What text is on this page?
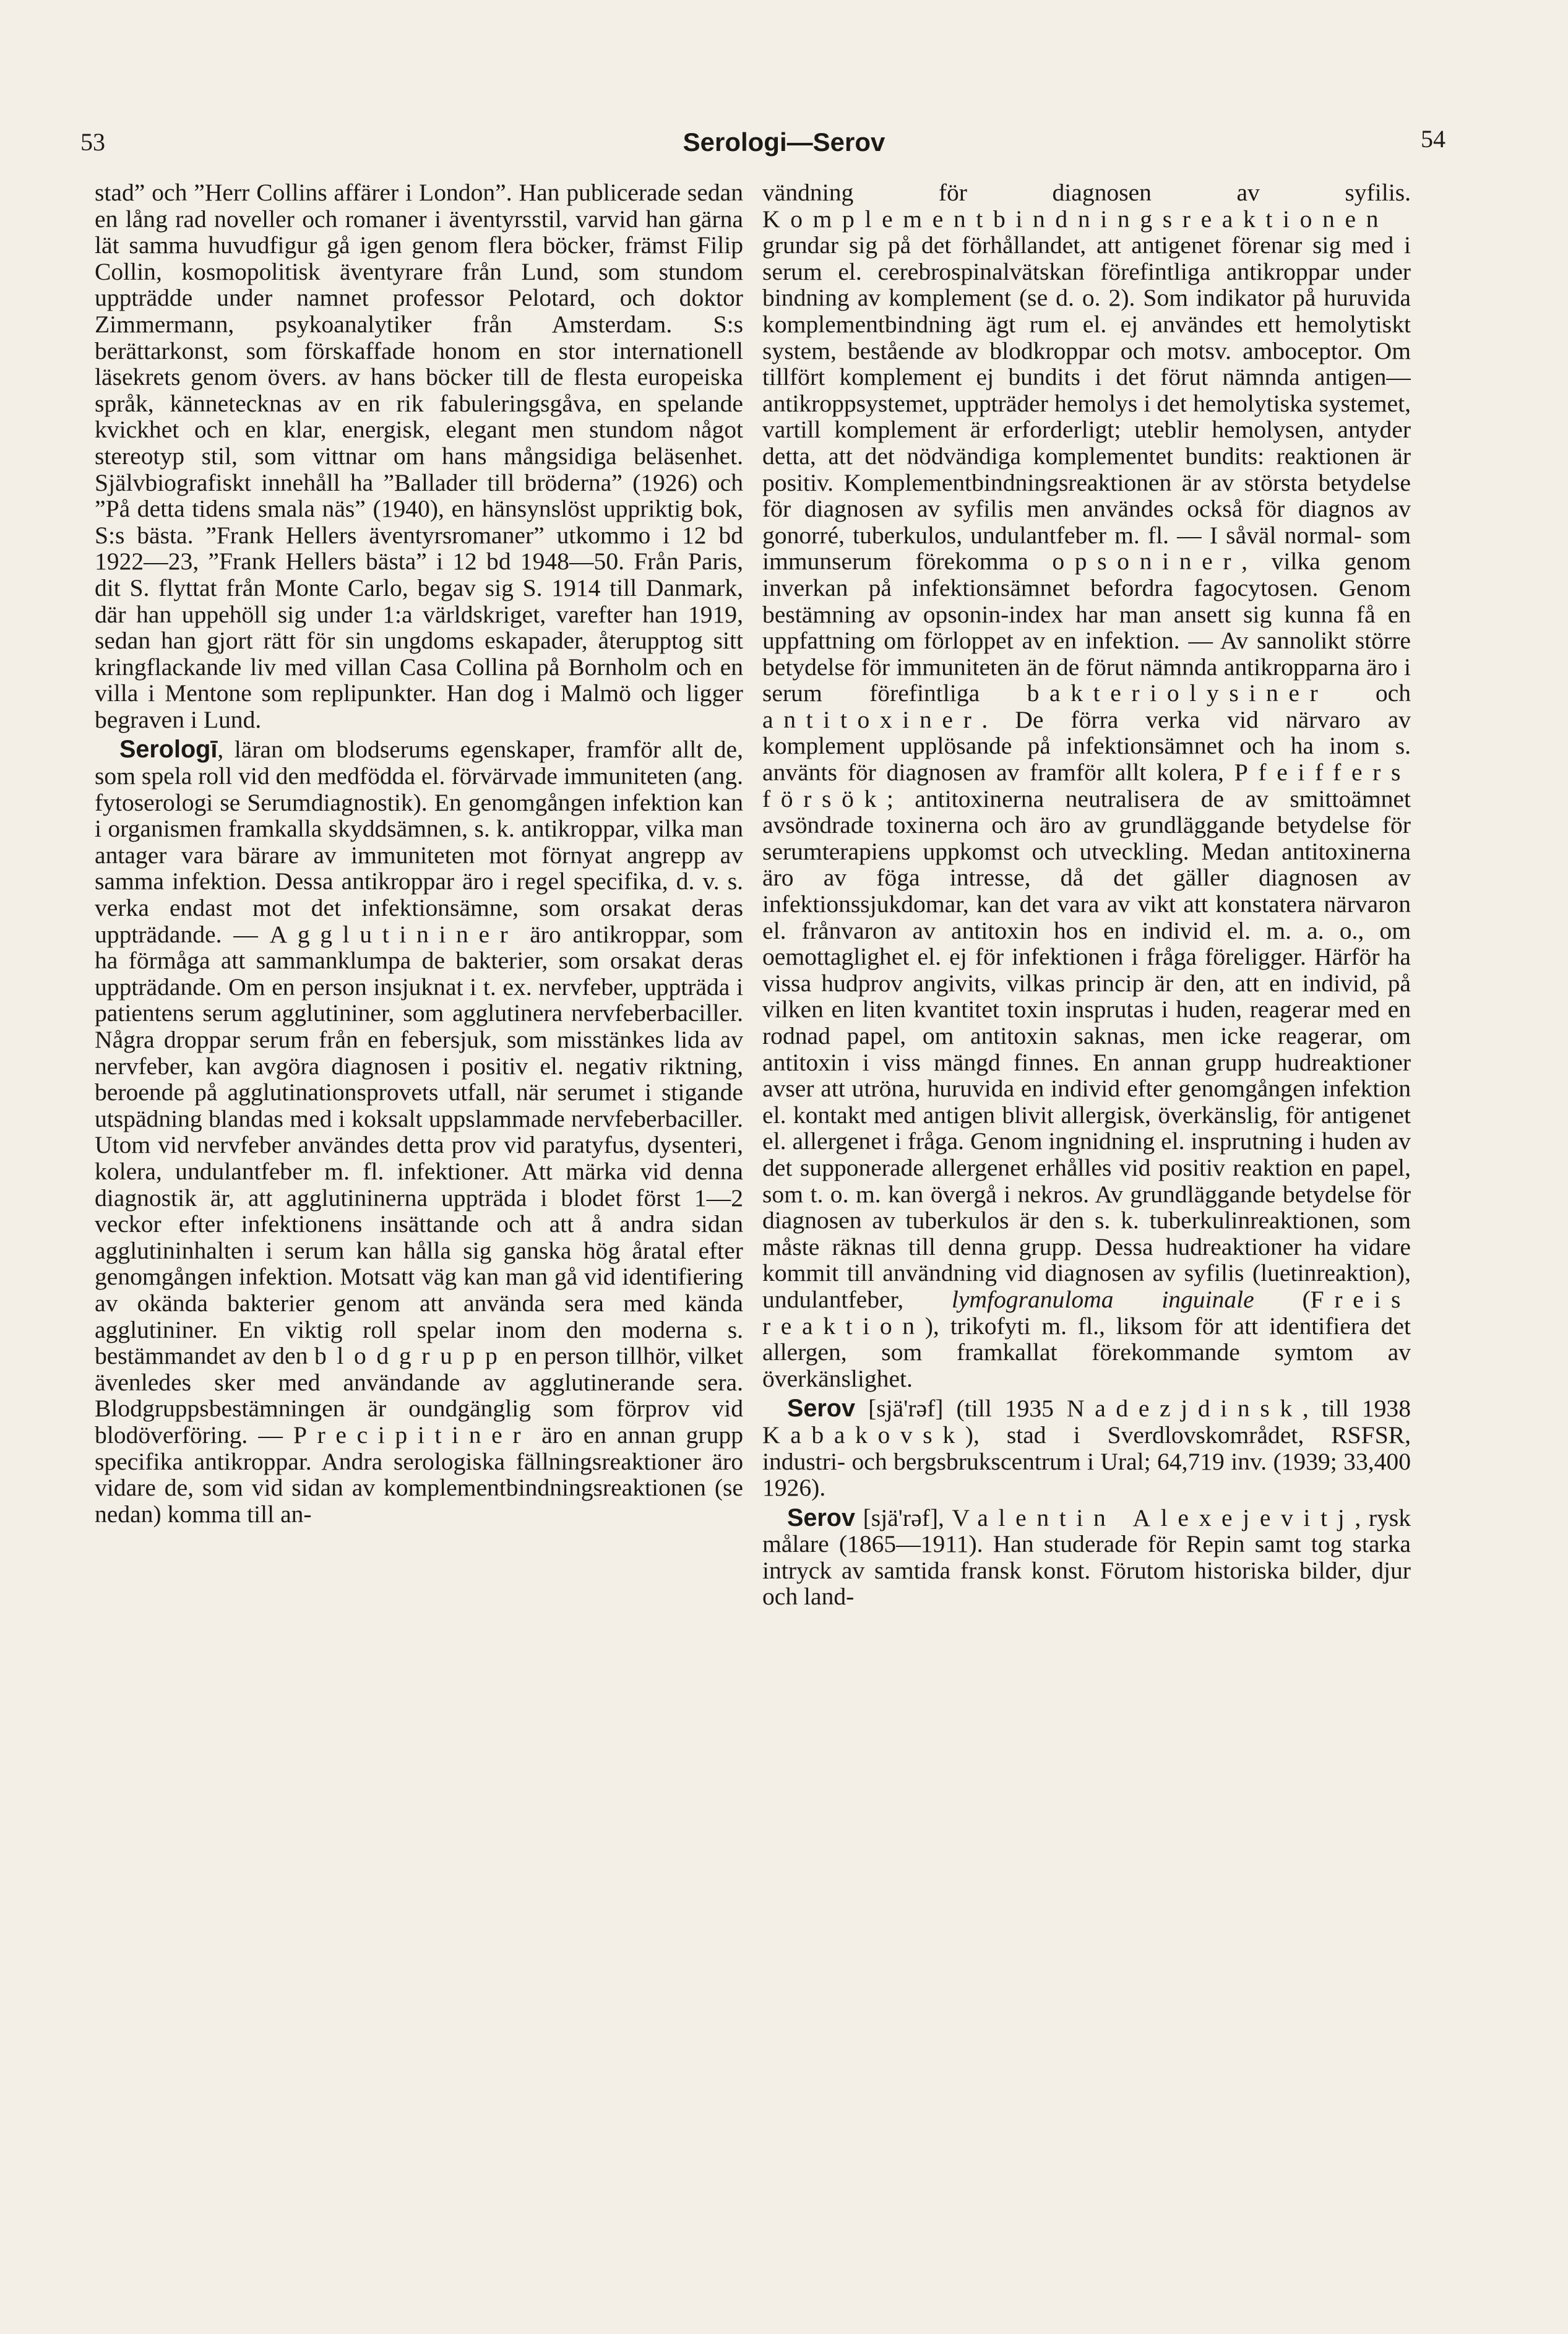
53	Serologi—Serov	54

stad” och ”Herr Collins affärer i London”. Han publicerade sedan en lång rad noveller och romaner i äventyrsstil, varvid han gärna lät samma huvudfigur gå igen genom flera böcker, främst Filip Collin, kosmopolitisk äventyrare från Lund, som stundom uppträdde under namnet professor Pelotard, och doktor Zimmermann, psykoanalytiker från Amsterdam. S:s berättarkonst, som förskaffade honom en stor internationell läsekrets genom övers. av hans böcker till de flesta europeiska språk, kännetecknas av en rik fabuleringsgåva, en spelande kvickhet och en klar, energisk, elegant men stundom något stereotyp stil, som vittnar om hans mångsidiga beläsenhet. Självbiografiskt innehåll ha ”Ballader till bröderna” (1926) och ”På detta tidens smala näs” (1940), en hänsynslöst uppriktig bok, S:s bästa. ”Frank Hellers äventyrsromaner” utkommo i 12 bd 1922—23, ”Frank Hellers bästa” i 12 bd 1948—50. Från Paris, dit S. flyttat från Monte Carlo, begav sig S. 1914 till Danmark, där han uppehöll sig under 1:a världskriget, varefter han 1919, sedan han gjort rätt för sin ungdoms eskapader, återupptog sitt kringflackande liv med villan Casa Collina på Bornholm och en villa i Mentone som replipunkter. Han dog i Malmö och ligger begraven i Lund.

Serologī, läran om blodserums egenskaper, framför allt de, som spela roll vid den medfödda el. förvärvade immuniteten (ang. fytoserologi se Serumdiagnostik). En genomgången infektion kan i organismen framkalla skyddsämnen, s. k. antikroppar, vilka man antager vara bärare av immuniteten mot förnyat angrepp av samma infektion. Dessa antikroppar äro i regel specifika, d. v. s. verka endast mot det infektionsämne, som orsakat deras uppträdande. — Agglutininer äro antikroppar, som ha förmåga att sammanklumpa de bakterier, som orsakat deras uppträdande. Om en person insjuknat i t. ex. nervfeber, uppträda i patientens serum agglutininer, som agglutinera nervfeberbaciller. Några droppar serum från en febersjuk, som misstänkes lida av nervfeber, kan avgöra diagnosen i positiv el. negativ riktning, beroende på agglutinationsprovets utfall, när serumet i stigande utspädning blandas med i koksalt uppslammade nervfeberbaciller. Utom vid nervfeber användes detta prov vid paratyfus, dysenteri, kolera, undulantfeber m. fl. infektioner. Att märka vid denna diagnostik är, att agglutininerna uppträda i blodet först 1—2 veckor efter infektionens insättande och att å andra sidan agglutininhalten i serum kan hålla sig ganska hög åratal efter genomgången infektion. Motsatt väg kan man gå vid identifiering av okända bakterier genom att använda sera med kända agglutininer. En viktig roll spelar inom den moderna s. bestämmandet av den blodgrupp en person tillhör, vilket ävenledes sker med användande av agglutinerande sera. Blodgruppsbestämningen är oundgänglig som förprov vid blodöverföring. — Precipitiner äro en annan grupp specifika antikroppar. Andra serologiska fällningsreaktioner äro vidare de, som vid sidan av komplementbindningsreaktionen (se nedan) komma till an-

vändning för diagnosen av syfilis. Komplementbindningsreaktionen grundar sig på det förhållandet, att antigenet förenar sig med i serum el. cerebrospinalvätskan förefintliga antikroppar under bindning av komplement (se d. o. 2). Som indikator på huruvida komplementbindning ägt rum el. ej användes ett hemolytiskt system, bestående av blodkroppar och motsv. amboceptor. Om tillfört komplement ej bundits i det förut nämnda antigen—antikroppsystemet, uppträder hemolys i det hemolytiska systemet, vartill komplement är erforderligt; uteblir hemolysen, antyder detta, att det nödvändiga komplementet bundits: reaktionen är positiv. Komplementbindningsreaktionen är av största betydelse för diagnosen av syfilis men användes också för diagnos av gonorré, tuberkulos, undulantfeber m. fl. — I såväl normal- som immunserum förekomma opsoniner, vilka genom inverkan på infektionsämnet befordra fagocytosen. Genom bestämning av opsonin-index har man ansett sig kunna få en uppfattning om förloppet av en infektion. — Av sannolikt större betydelse för immuniteten än de förut nämnda antikropparna äro i serum förefintliga bakteriolysiner och antitoxiner. De förra verka vid närvaro av komplement upplösande på infektionsämnet och ha inom s. använts för diagnosen av framför allt kolera, Pfeiffers försök; antitoxinerna neutralisera de av smittoämnet avsöndrade toxinerna och äro av grundläggande betydelse för serumterapiens uppkomst och utveckling. Medan antitoxinerna äro av föga intresse, då det gäller diagnosen av infektionssjukdomar, kan det vara av vikt att konstatera närvaron el. frånvaron av antitoxin hos en individ el. m. a. o., om oemottaglighet el. ej för infektionen i fråga föreligger. Härför ha vissa hudprov angivits, vilkas princip är den, att en individ, på vilken en liten kvantitet toxin insprutas i huden, reagerar med en rodnad papel, om antitoxin saknas, men icke reagerar, om antitoxin i viss mängd finnes. En annan grupp hudreaktioner avser att utröna, huruvida en individ efter genomgången infektion el. kontakt med antigen blivit allergisk, överkänslig, för antigenet el. allergenet i fråga. Genom ingnidning el. insprutning i huden av det supponerade allergenet erhålles vid positiv reaktion en papel, som t. o. m. kan övergå i nekros. Av grundläggande betydelse för diagnosen av tuberkulos är den s. k. tuberkulinreaktionen, som måste räknas till denna grupp. Dessa hudreaktioner ha vidare kommit till användning vid diagnosen av syfilis (luetinreaktion), undulantfeber, lymfogranuloma inguinale (Freis reaktion), trikofyti m. fl., liksom för att identifiera det allergen, som framkallat förekommande symtom av överkänslighet.

Serov [sjä'rəf] (till 1935 Nadezjdinsk, till 1938 Kabakovsk), stad i Sverdlovskområdet, RSFSR, industri- och bergsbrukscentrum i Ural; 64,719 inv. (1939; 33,400 1926).

Serov [sjä'rəf], Valentin Alexejevitj, rysk målare (1865—1911). Han studerade för Repin samt tog starka intryck av samtida fransk konst. Förutom historiska bilder, djur och land-
